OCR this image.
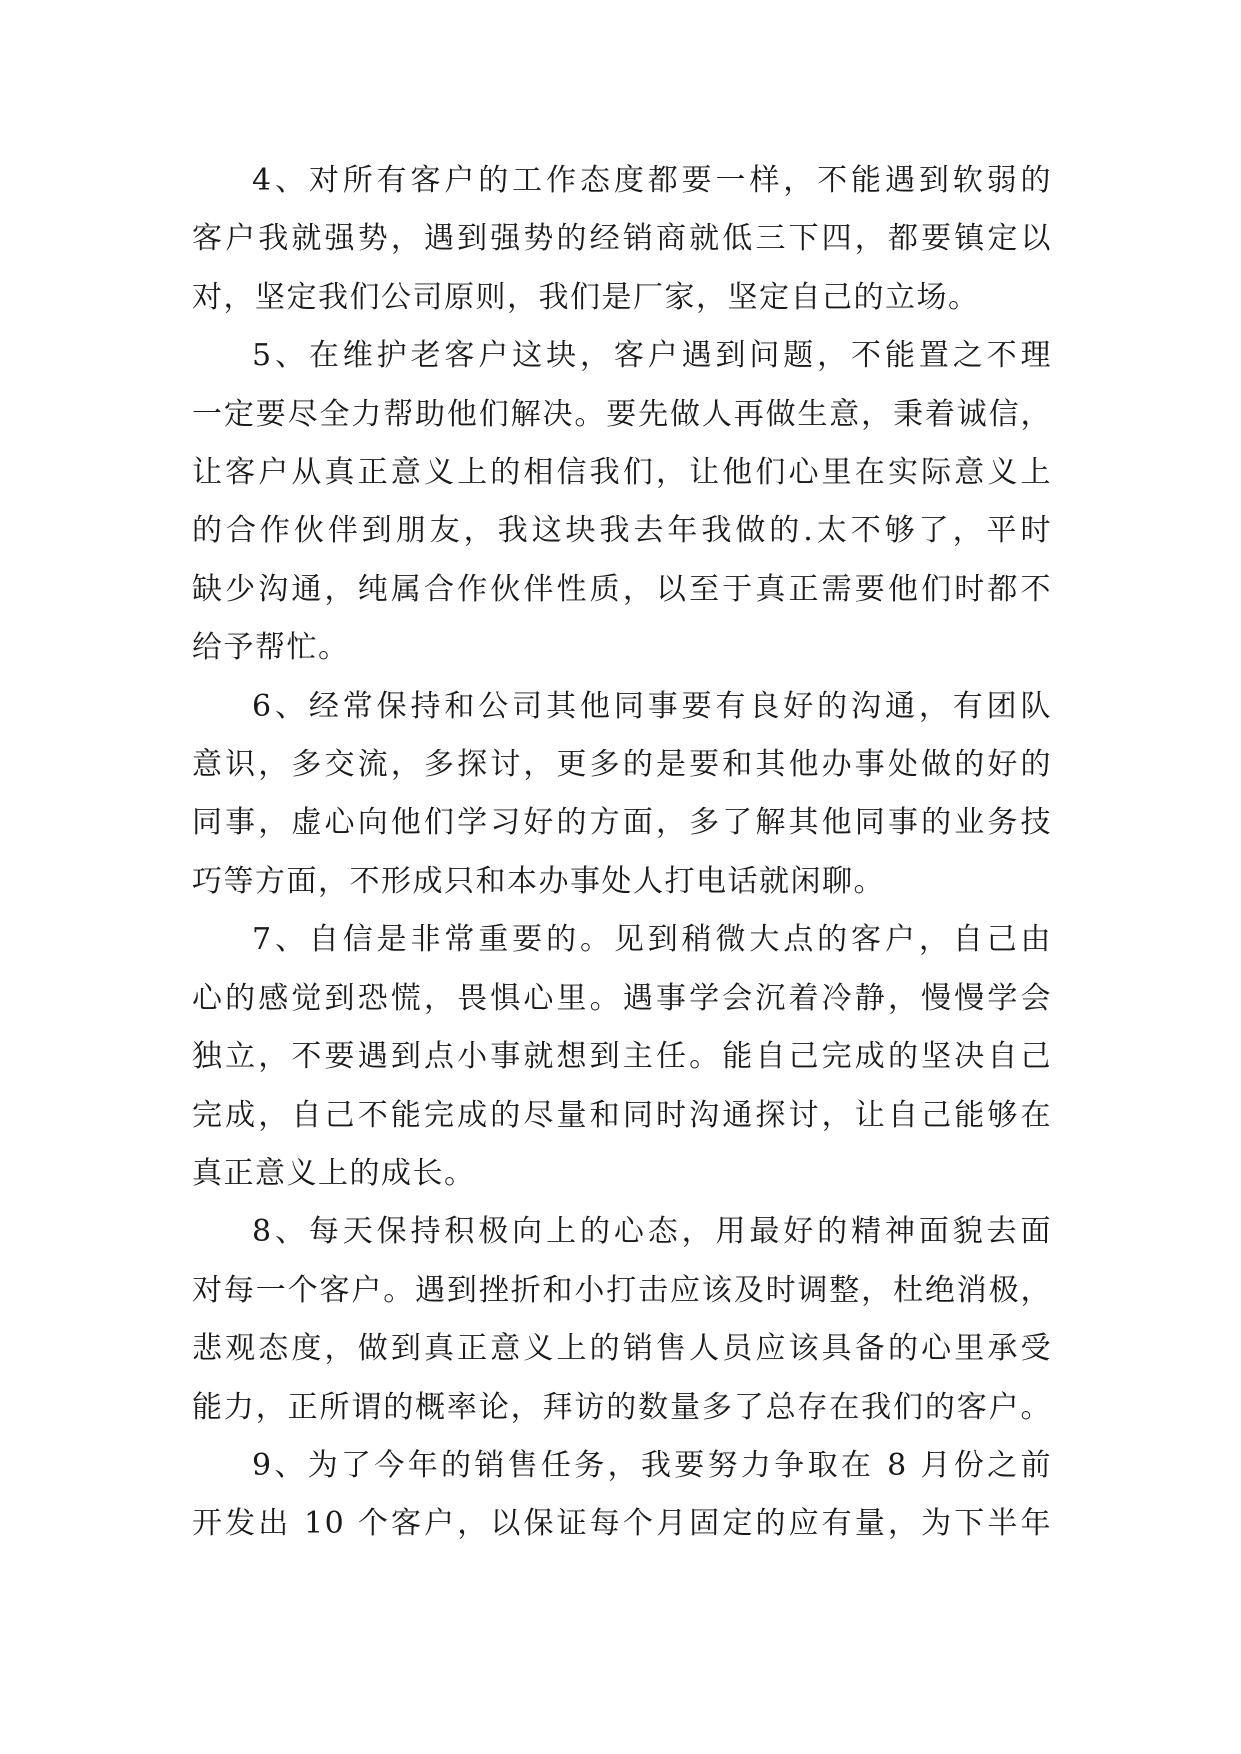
4、对所有客户的工作态度都要一样，不能遇到软弱的
客户我就强势，遇到强势的经销商就低三下四，都要镇定以
对，坚定我们公司原则，我们是厂家，坚定自己的立场。

5、在维护老客户这块，客户遇到问题，不能置之不理
一定要尽全力帮助他们解决。要先做人再做生意，秉着诚信，
让客户从真正意义上的相信我们，让他们心里在实际意义上
的合作伙伴到朋友，我这块我去年我做的.太不够了，平时
缺少沟通，纯属合作伙伴性质，以至于真正需要他们时都不
给予帮忙。

6、经常保持和公司其他同事要有良好的沟通，有团队
意识，多交流，多探讨，更多的是要和其他办事处做的好的
同事，虚心向他们学习好的方面，多了解其他同事的业务技
巧等方面，不形成只和本办事处人打电话就闲聊。

7、自信是非常重要的。见到稍微大点的客户，自己由
心的感觉到恐慌，畏惧心里。遇事学会沉着冷静，慢慢学会
独立，不要遇到点小事就想到主任。能自己完成的坚决自己
完成，自己不能完成的尽量和同时沟通探讨，让自己能够在
真正意义上的成长。

8、每天保持积极向上的心态，用最好的精神面貌去面
对每一个客户。遇到挫折和小打击应该及时调整，杜绝消极，
悲观态度，做到真正意义上的销售人员应该具备的心里承受
能力，正所谓的概率论，拜访的数量多了总存在我们的客户。

9、为了今年的销售任务，我要努力争取在 8 月份之前
开发出 10 个客户，以保证每个月固定的应有量，为下半年
